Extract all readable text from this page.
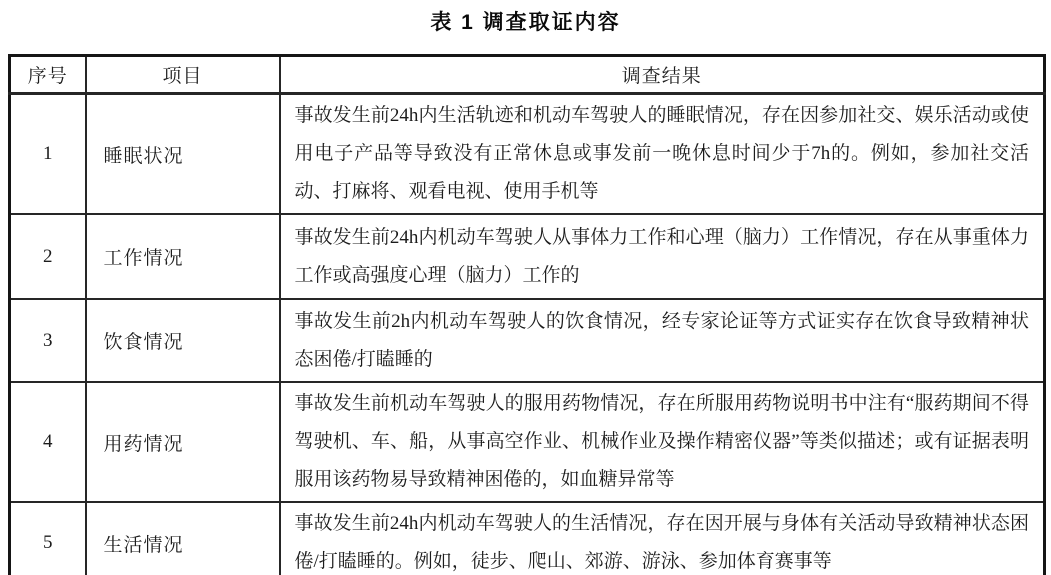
表 1 调查取证内容
序号	项目	调查结果
1	睡眠状况	事故发生前24h内生活轨迹和机动车驾驶人的睡眠情况，存在因参加社交、娱乐活动或使用电子产品等导致没有正常休息或事发前一晚休息时间少于7h的。例如，参加社交活动、打麻将、观看电视、使用手机等
2	工作情况	事故发生前24h内机动车驾驶人从事体力工作和心理（脑力）工作情况，存在从事重体力工作或高强度心理（脑力）工作的
3	饮食情况	事故发生前2h内机动车驾驶人的饮食情况，经专家论证等方式证实存在饮食导致精神状态困倦/打瞌睡的
4	用药情况	事故发生前机动车驾驶人的服用药物情况，存在所服用药物说明书中注有“服药期间不得驾驶机、车、船，从事高空作业、机械作业及操作精密仪器”等类似描述；或有证据表明服用该药物易导致精神困倦的，如血糖异常等
5	生活情况	事故发生前24h内机动车驾驶人的生活情况，存在因开展与身体有关活动导致精神状态困倦/打瞌睡的。例如，徒步、爬山、郊游、游泳、参加体育赛事等
